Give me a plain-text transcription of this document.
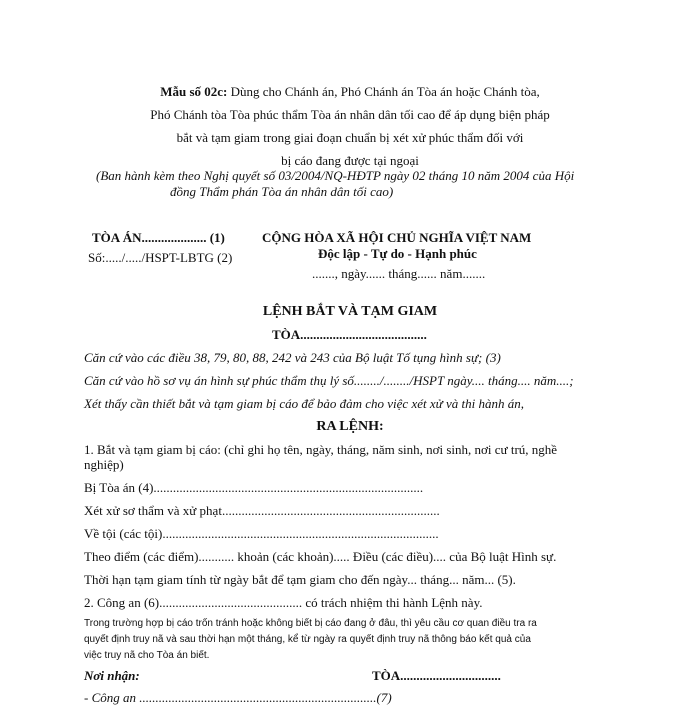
Mẫu số 02c: Dùng cho Chánh án, Phó Chánh án Tòa án hoặc Chánh tòa,
Phó Chánh tòa Tòa phúc thẩm Tòa án nhân dân tối cao để áp dụng biện pháp
bắt và tạm giam trong giai đoạn chuẩn bị xét xử phúc thẩm đối với
bị cáo đang được tại ngoại
(Ban hành kèm theo Nghị quyết số 03/2004/NQ-HĐTP ngày 02 tháng 10 năm 2004 của Hội
đồng Thẩm phán Tòa án nhân dân tối cao)
TÒA ÁN.................... (1)
Số:...../...../HSPT-LBTG (2)
CỘNG HÒA XÃ HỘI CHỦ NGHĨA VIỆT NAM
Độc lập - Tự do - Hạnh phúc
......., ngày...... tháng...... năm.......
LỆNH BẮT VÀ TẠM GIAM
TÒA.......................................
Căn cứ vào các điều 38, 79, 80, 88, 242 và 243 của Bộ luật Tố tụng hình sự; (3)
Căn cứ vào hồ sơ vụ án hình sự phúc thẩm thụ lý số......../......../HSPT ngày.... tháng.... năm....;
Xét thấy cần thiết bắt và tạm giam bị cáo để bảo đảm cho việc xét xử và thi hành án,
RA LỆNH:
1. Bắt và tạm giam bị cáo: (chỉ ghi họ tên, ngày, tháng, năm sinh, nơi sinh, nơi cư trú, nghề
nghiệp)
Bị Tòa án (4)...................................................................................
Xét xử sơ thẩm và xử phạt...................................................................
Về tội (các tội).....................................................................................
Theo điểm (các điểm)........... khoản (các khoản)..... Điều (các điều).... của Bộ luật Hình sự.
Thời hạn tạm giam tính từ ngày bắt để tạm giam cho đến ngày... tháng... năm... (5).
2. Công an (6)............................................ có trách nhiệm thi hành Lệnh này.
Trong trường hợp bị cáo trốn tránh hoặc không biết bị cáo đang ở đâu, thì yêu cầu cơ quan điều tra ra
quyết định truy nã và sau thời hạn một tháng, kể từ ngày ra quyết định truy nã thông báo kết quả của
việc truy nã cho Tòa án biết.
Nơi nhận:	TÒA...............................
- Công an .........................................................................(7)
